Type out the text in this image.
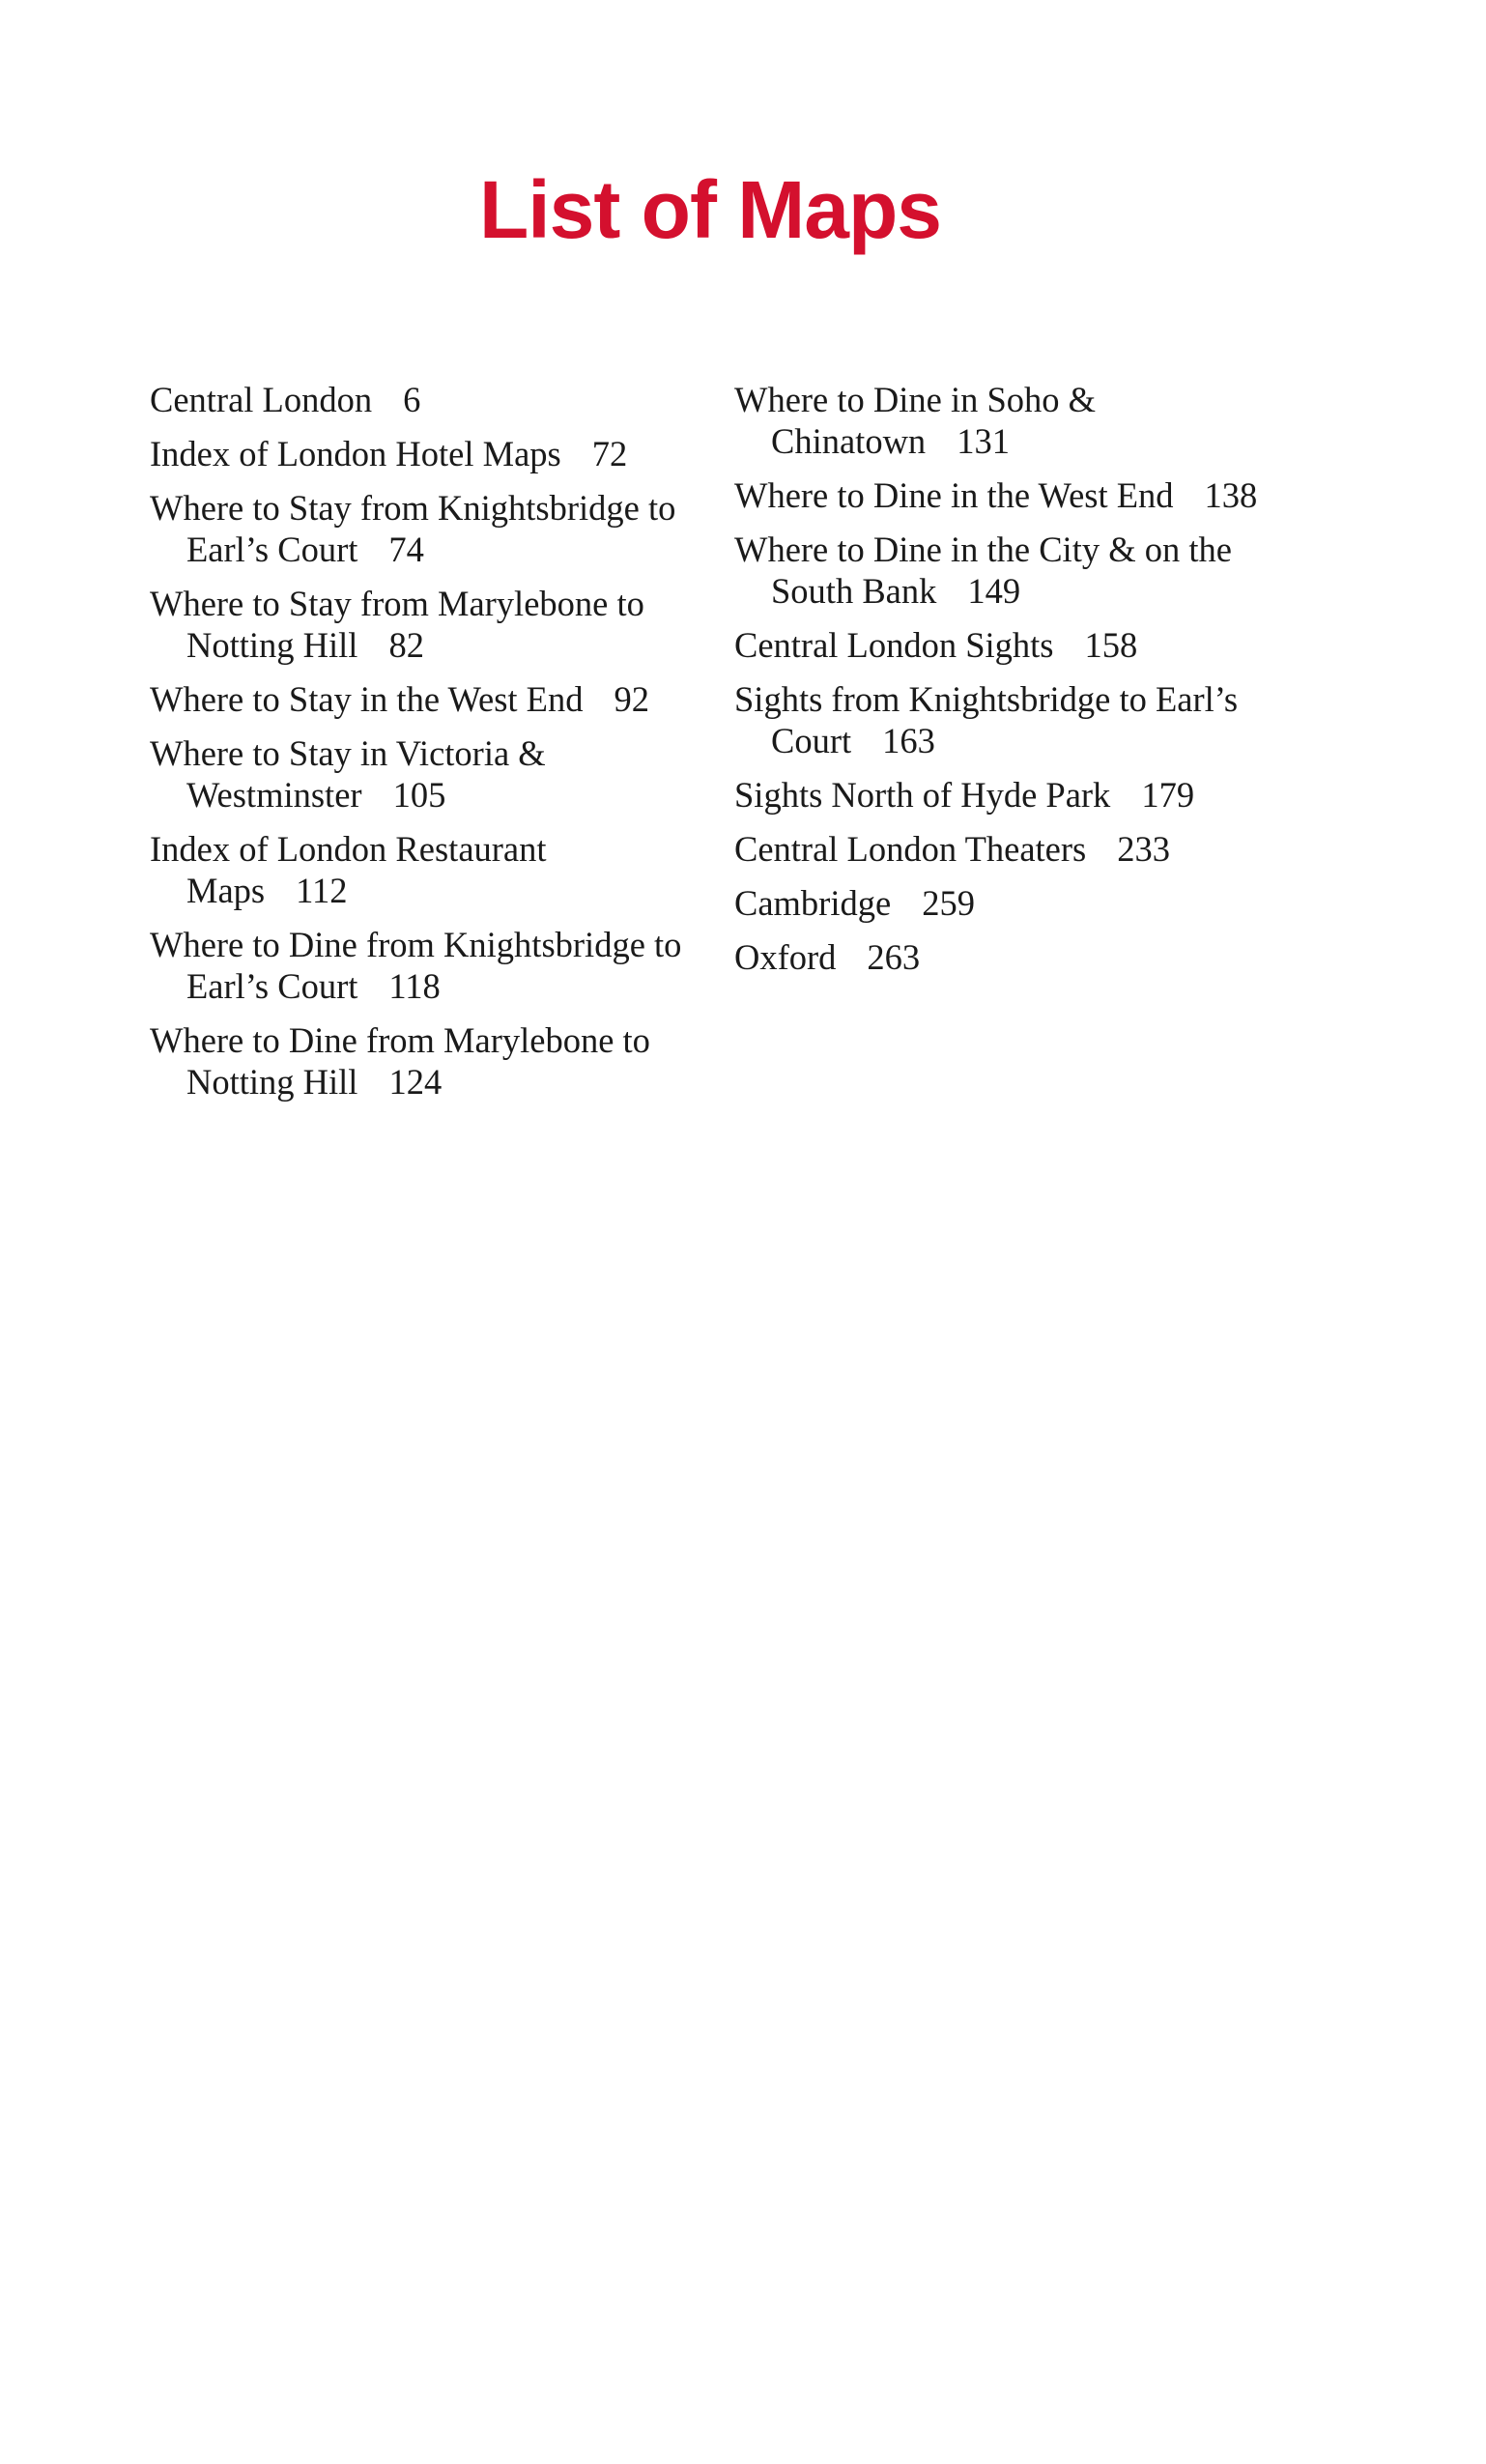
List of Maps
Central London 6
Index of London Hotel Maps 72
Where to Stay from Knightsbridge to Earl’s Court 74
Where to Stay from Marylebone to Notting Hill 82
Where to Stay in the West End 92
Where to Stay in Victoria & Westminster 105
Index of London Restaurant Maps 112
Where to Dine from Knightsbridge to Earl’s Court 118
Where to Dine from Marylebone to Notting Hill 124
Where to Dine in Soho & Chinatown 131
Where to Dine in the West End 138
Where to Dine in the City & on the South Bank 149
Central London Sights 158
Sights from Knightsbridge to Earl’s Court 163
Sights North of Hyde Park 179
Central London Theaters 233
Cambridge 259
Oxford 263
